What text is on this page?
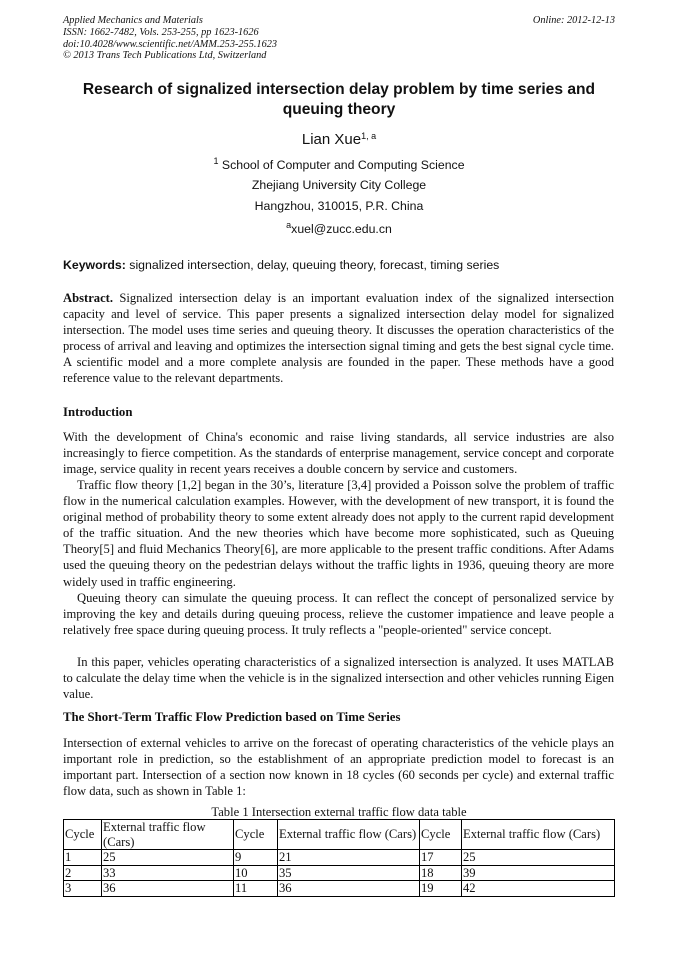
Applied Mechanics and Materials
ISSN: 1662-7482, Vols. 253-255, pp 1623-1626
doi:10.4028/www.scientific.net/AMM.253-255.1623
© 2013 Trans Tech Publications Ltd, Switzerland
Online: 2012-12-13
Research of signalized intersection delay problem by time series and queuing theory
Lian Xue$^{1, a}$
$^1$ School of Computer and Computing Science
Zhejiang University City College
Hangzhou, 310015, P.R. China
$^a$xuel@zucc.edu.cn
Keywords: signalized intersection, delay, queuing theory, forecast, timing series
Abstract. Signalized intersection delay is an important evaluation index of the signalized intersection capacity and level of service. This paper presents a signalized intersection delay model for signalized intersection. The model uses time series and queuing theory. It discusses the operation characteristics of the process of arrival and leaving and optimizes the intersection signal timing and gets the best signal cycle time. A scientific model and a more complete analysis are founded in the paper. These methods have a good reference value to the relevant departments.
Introduction
With the development of China's economic and raise living standards, all service industries are also increasingly to fierce competition. As the standards of enterprise management, service concept and corporate image, service quality in recent years receives a double concern by service and customers.
Traffic flow theory [1,2] began in the 30’s, literature [3,4] provided a Poisson solve the problem of traffic flow in the numerical calculation examples. However, with the development of new transport, it is found the original method of probability theory to some extent already does not apply to the current rapid development of the traffic situation. And the new theories which have become more sophisticated, such as Queuing Theory[5] and fluid Mechanics Theory[6], are more applicable to the present traffic conditions. After Adams used the queuing theory on the pedestrian delays without the traffic lights in 1936, queuing theory are more widely used in traffic engineering.
Queuing theory can simulate the queuing process. It can reflect the concept of personalized service by improving the key and details during queuing process, relieve the customer impatience and leave people a relatively free space during queuing process. It truly reflects a "people-oriented" service concept.
In this paper, vehicles operating characteristics of a signalized intersection is analyzed. It uses MATLAB to calculate the delay time when the vehicle is in the signalized intersection and other vehicles running Eigen value.
The Short-Term Traffic Flow Prediction based on Time Series
Intersection of external vehicles to arrive on the forecast of operating characteristics of the vehicle plays an important role in prediction, so the establishment of an appropriate prediction model to forecast is an important part. Intersection of a section now known in 18 cycles (60 seconds per cycle) and external traffic flow data, such as shown in Table 1:
Table 1 Intersection external traffic flow data table
Cycle	External traffic flow (Cars)	Cycle	External traffic flow (Cars)	Cycle	External traffic flow (Cars)
1	25	9	21	17	25
2	33	10	35	18	39
3	36	11	36	19	42
